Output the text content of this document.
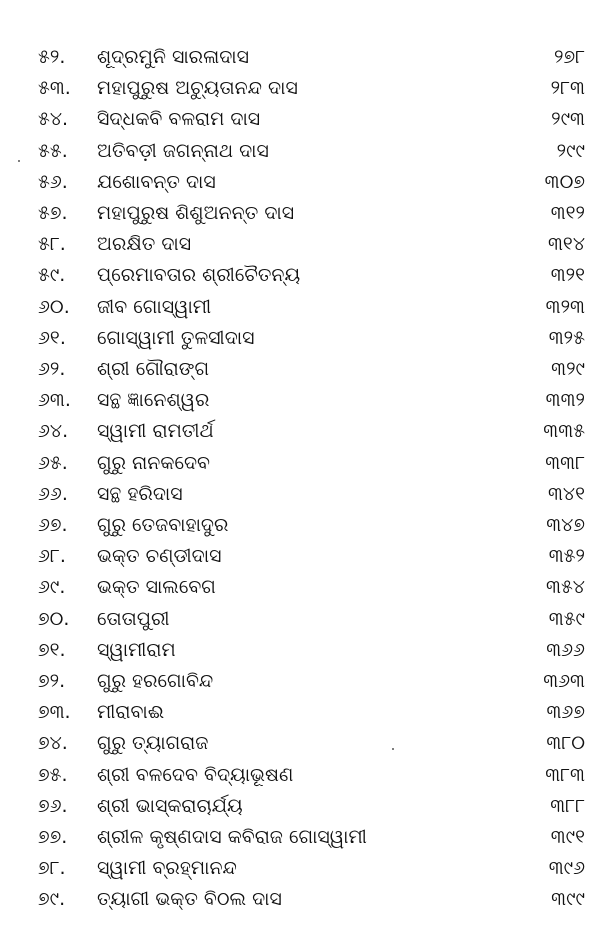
୫୨. ଶୂଦ୍ରମୁନି ସାରଳାଦାସ	୨୭୮
୫୩. ମହାପୁରୁଷ ଅଚ୍ୟୁତାନନ୍ଦ ଦାସ	୨୮୩
୫୪. ସିଦ୍ଧକବି ବଳରାମ ଦାସ	୨୯୩
୫୫. ଅତିବଡ଼ୀ ଜଗନ୍ନାଥ ଦାସ	୨୯୯
୫୬. ଯଶୋବନ୍ତ ଦାସ	୩୦୭
୫୭. ମହାପୁରୁଷ ଶିଶୁଅନନ୍ତ ଦାସ	୩୧୨
୫୮. ଅରକ୍ଷିତ ଦାସ	୩୧୪
୫୯. ପ୍ରେମାବତାର ଶ୍ରୀଚୈତନ୍ୟ	୩୨୧
୬୦. ଜୀବ ଗୋସ୍ୱାମୀ	୩୨୩
୬୧. ଗୋସ୍ୱାମୀ ତୁଳସୀଦାସ	୩୨୫
୬୨. ଶ୍ରୀ ଗୌରାଙ୍ଗ	୩୨୯
୬୩. ସନ୍ଥ ଜ୍ଞାନେଶ୍ୱର	୩୩୨
୬୪. ସ୍ୱାମୀ ରାମତୀର୍ଥ	୩୩୫
୬୫. ଗୁରୁ ନାନକଦେବ	୩୩୮
୬୬. ସନ୍ଥ ହରିଦାସ	୩୪୧
୬୭. ଗୁରୁ ତେଜବାହାଦୁର	୩୪୭
୬୮. ଭକ୍ତ ଚଣ୍ଡୀଦାସ	୩୫୨
୬୯. ଭକ୍ତ ସାଲବେଗ	୩୫୪
୭୦. ତୋତାପୁରୀ	୩୫୯
୭୧. ସ୍ୱାମୀରାମ	୩୬୬
୭୨. ଗୁରୁ ହରଗୋବିନ୍ଦ	୩୬୩
୭୩. ମୀରାବାଈ	୩୬୭
୭୪. ଗୁରୁ ତ୍ୟାଗରାଜ	୩୮୦
୭୫. ଶ୍ରୀ ବଳଦେବ ବିଦ୍ୟାଭୂଷଣ	୩୮୩
୭୬. ଶ୍ରୀ ଭାସ୍କରାଚାର୍ଯ୍ୟ	୩୮୮
୭୭. ଶ୍ରୀଳ କୃଷ୍ଣଦାସ କବିରାଜ ଗୋସ୍ୱାମୀ	୩୯୧
୭୮. ସ୍ୱାମୀ ବ୍ରହ୍ମାନନ୍ଦ	୩୯୬
୭୯. ତ୍ୟାଗୀ ଭକ୍ତ ବିଠଲ ଦାସ	୩୯୯
